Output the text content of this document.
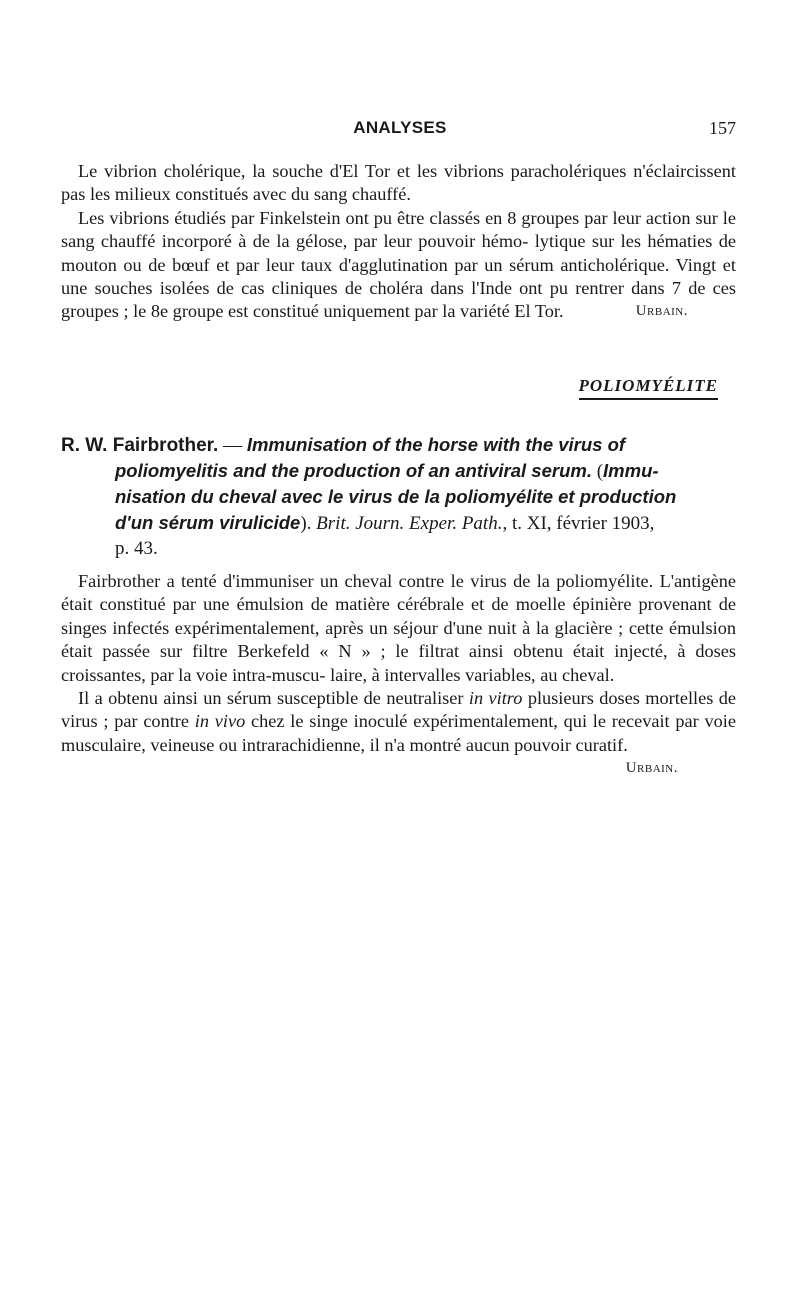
ANALYSES	157

Le vibrion cholérique, la souche d'El Tor et les vibrions paracholériques n'éclaircissent pas les milieux constitués avec du sang chauffé.

Les vibrions étudiés par Finkelstein ont pu être classés en 8 groupes par leur action sur le sang chauffé incorporé à de la gélose, par leur pouvoir hémo- lytique sur les hématies de mouton ou de bœuf et par leur taux d'agglutination par un sérum anticholérique. Vingt et une souches isolées de cas cliniques de choléra dans l'Inde ont pu rentrer dans 7 de ces groupes ; le 8e groupe est constitué uniquement par la variété El Tor.	Urbain.

POLIOMYÉLITE
R. W. Fairbrother. — Immunisation of the horse with the virus of
poliomyelitis and the production of an antiviral serum. (Immu-
nisation du cheval avec le virus de la poliomyélite et production
d'un sérum virulicide). Brit. Journ. Exper. Path., t. XI, février 1903,
p. 43.

Fairbrother a tenté d'immuniser un cheval contre le virus de la poliomyélite. L'antigène était constitué par une émulsion de matière cérébrale et de moelle épinière provenant de singes infectés expérimentalement, après un séjour d'une nuit à la glacière ; cette émulsion était passée sur filtre Berkefeld « N » ; le filtrat ainsi obtenu était injecté, à doses croissantes, par la voie intra-muscu- laire, à intervalles variables, au cheval.

Il a obtenu ainsi un sérum susceptible de neutraliser in vitro plusieurs doses mortelles de virus ; par contre in vivo chez le singe inoculé expérimentalement, qui le recevait par voie musculaire, veineuse ou intrarachidienne, il n'a montré aucun pouvoir curatif.
Urbain.
